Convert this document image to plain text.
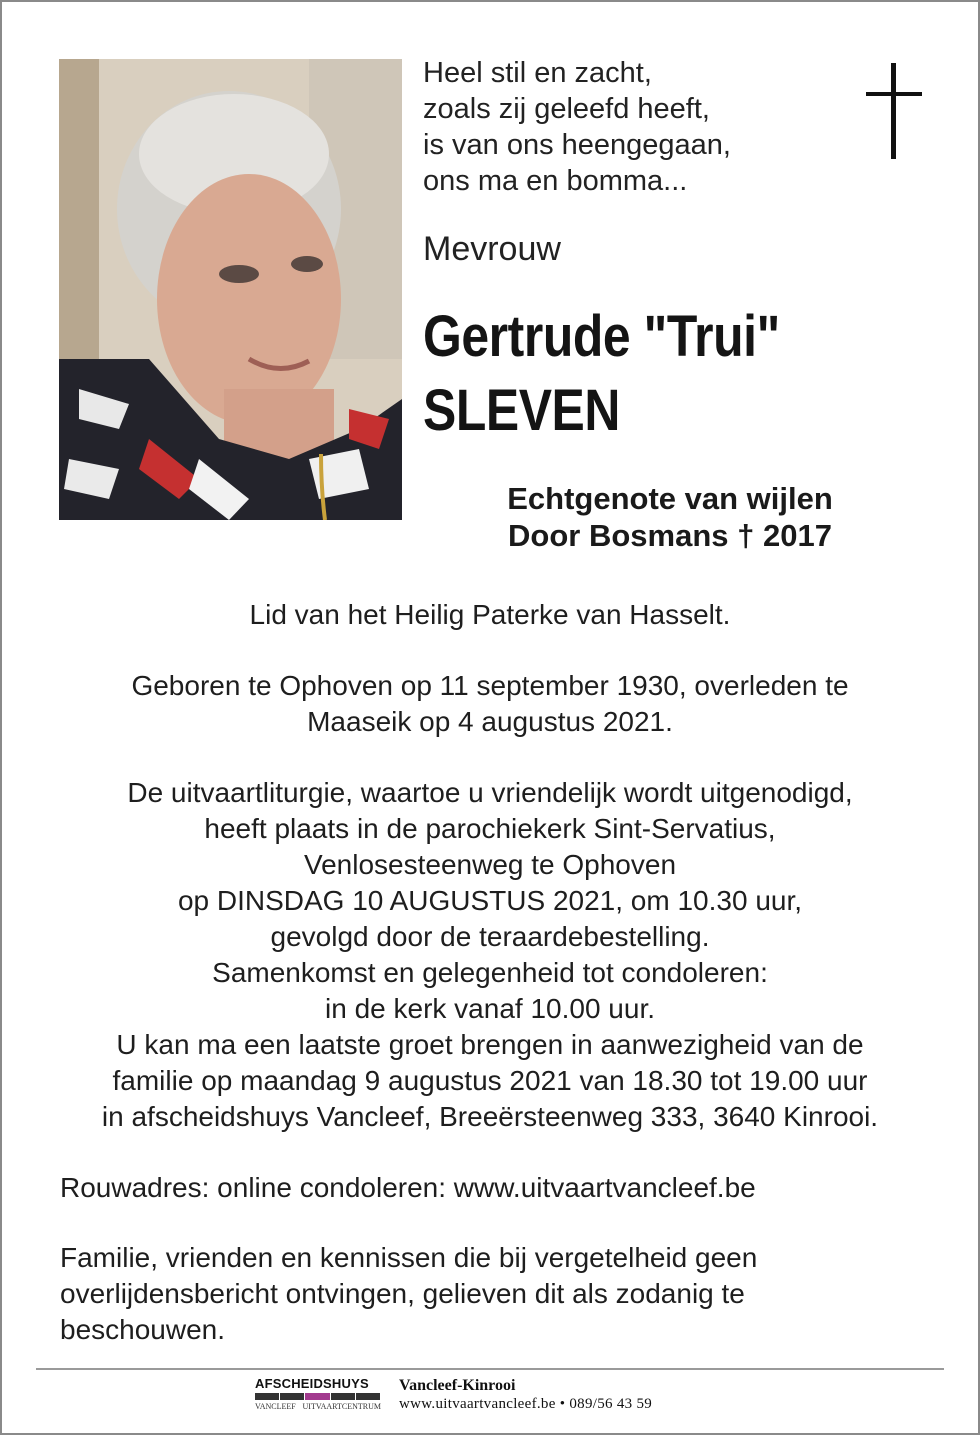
Heel stil en zacht,
zoals zij geleefd heeft,
is van ons heengegaan,
ons ma en bomma...
Mevrouw
Gertrude "Trui"
SLEVEN
Echtgenote van wijlen
Door Bosmans † 2017
Lid van het Heilig Paterke van Hasselt.
Geboren te Ophoven op 11 september 1930, overleden te
Maaseik op 4 augustus 2021.
De uitvaartliturgie, waartoe u vriendelijk wordt uitgenodigd,
heeft plaats in de parochiekerk Sint-Servatius,
Venlosesteenweg te Ophoven
op DINSDAG 10 AUGUSTUS 2021, om 10.30 uur,
gevolgd door de teraardebestelling.
Samenkomst en gelegenheid tot condoleren:
in de kerk vanaf 10.00 uur.
U kan ma een laatste groet brengen in aanwezigheid van de
familie op maandag 9 augustus 2021 van 18.30 tot 19.00 uur
in afscheidshuys Vancleef, Breeërsteenweg 333, 3640 Kinrooi.
Rouwadres: online condoleren: www.uitvaartvancleef.be
Familie, vrienden en kennissen die bij vergetelheid geen
overlijdensbericht ontvingen, gelieven dit als zodanig te
beschouwen.
AFSCHEIDSHUYS
VANCLEEF UITVAARTCENTRUM
Vancleef-Kinrooi
www.uitvaartvancleef.be • 089/56 43 59
